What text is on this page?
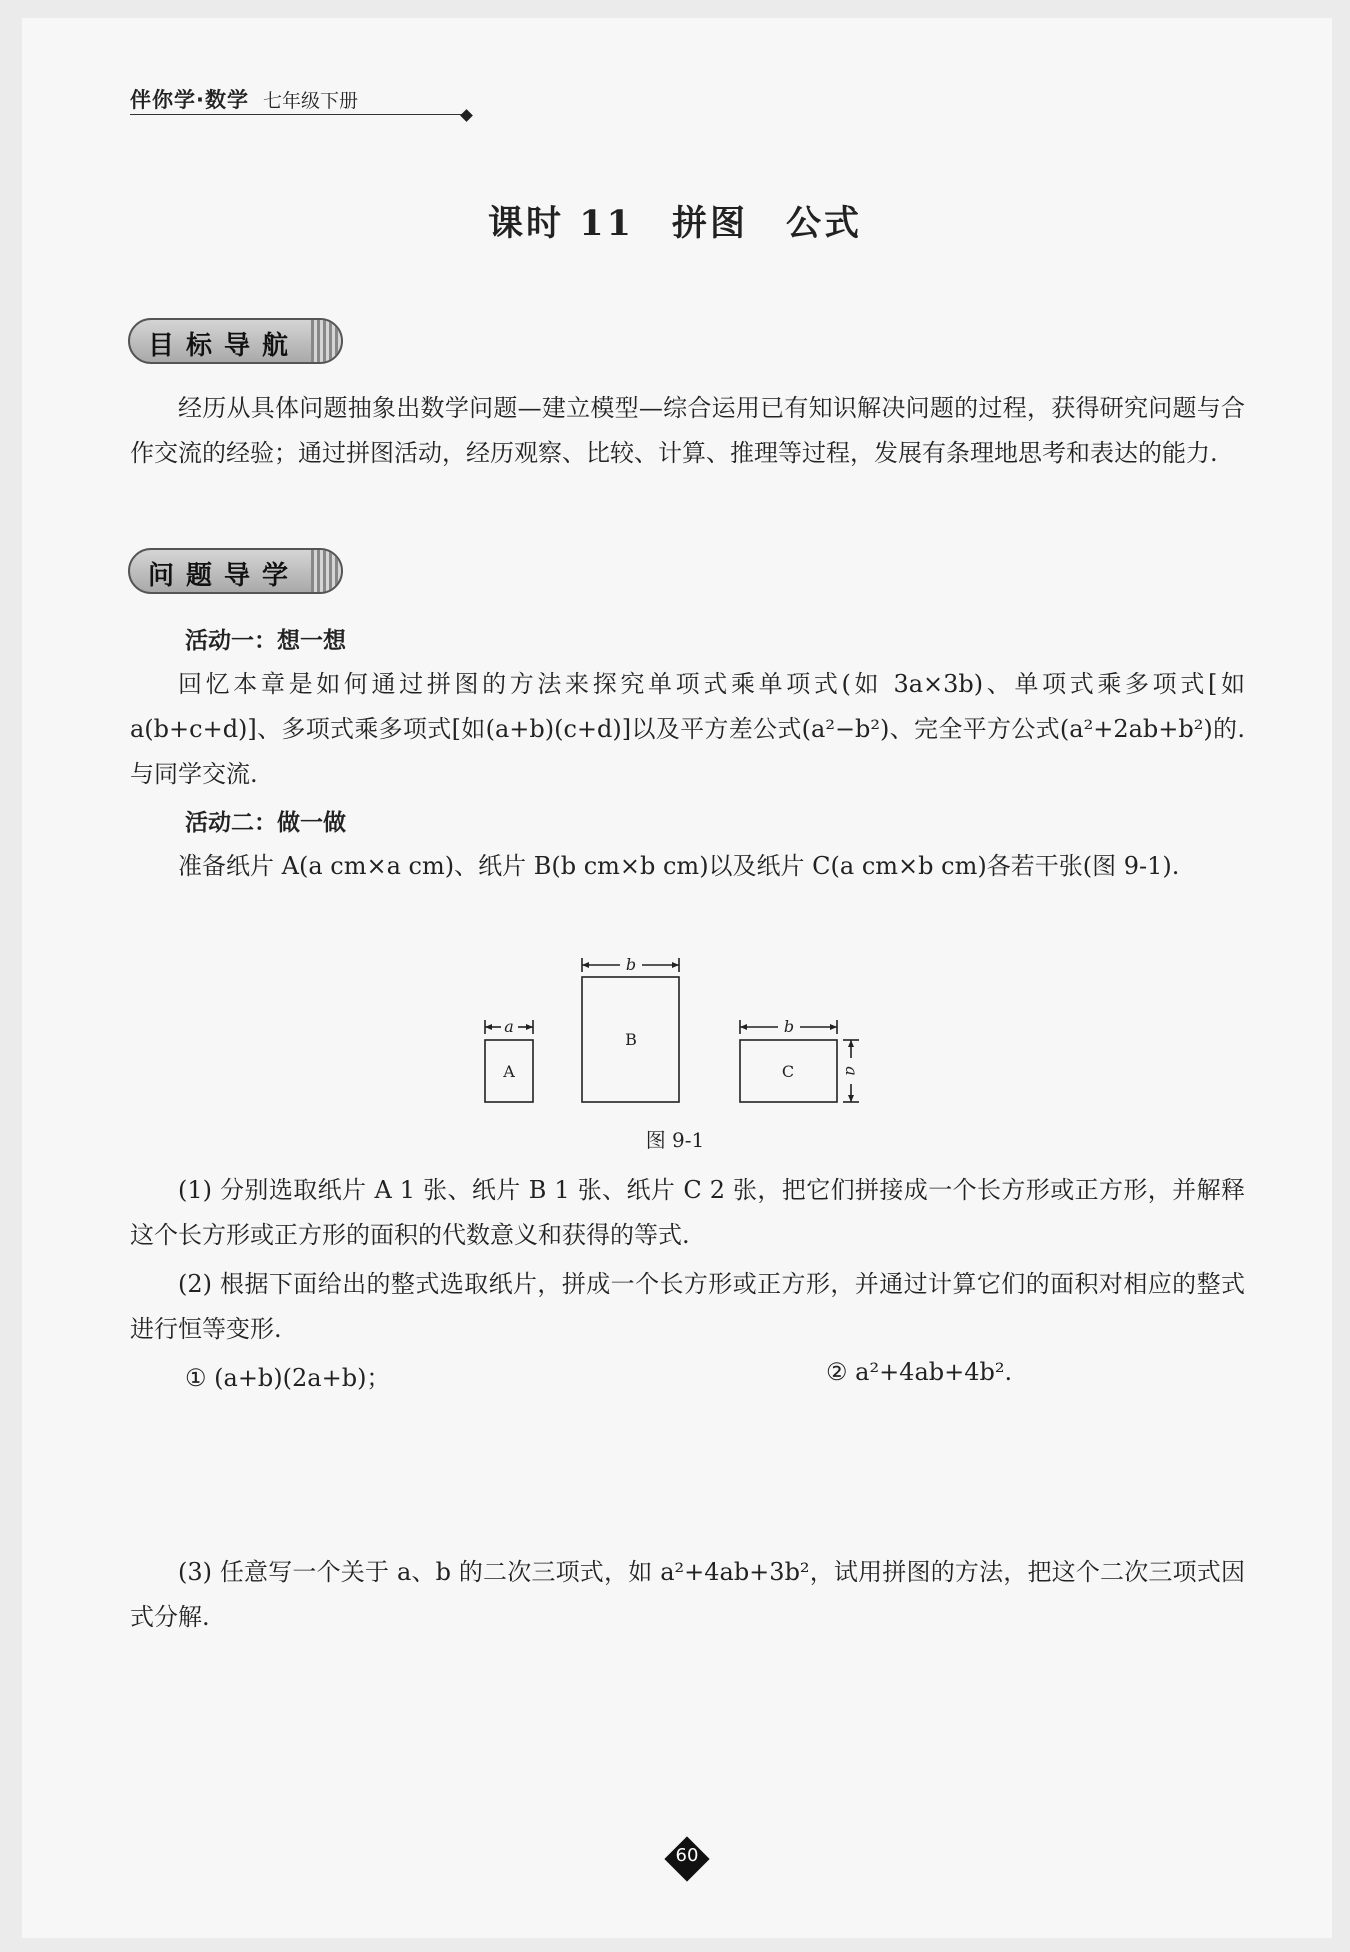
伴你学·数学 七年级下册
课时 11　拼图　公式
目标导航
经历从具体问题抽象出数学问题—建立模型—综合运用已有知识解决问题的过程，获得研究问题与合作交流的经验；通过拼图活动，经历观察、比较、计算、推理等过程，发展有条理地思考和表达的能力.
问题导学
活动一：想一想
回忆本章是如何通过拼图的方法来探究单项式乘单项式(如 3a×3b)、单项式乘多项式[如 a(b+c+d)]、多项式乘多项式[如(a+b)(c+d)]以及平方差公式(a²−b²)、完全平方公式(a²+2ab+b²)的. 与同学交流.
活动二：做一做
准备纸片 A(a cm×a cm)、纸片 B(b cm×b cm)以及纸片 C(a cm×b cm)各若干张(图 9-1).
A
B
C
a
b
b
a
图 9-1
(1) 分别选取纸片 A 1 张、纸片 B 1 张、纸片 C 2 张，把它们拼接成一个长方形或正方形，并解释这个长方形或正方形的面积的代数意义和获得的等式.
(2) 根据下面给出的整式选取纸片，拼成一个长方形或正方形，并通过计算它们的面积对相应的整式进行恒等变形.
① (a+b)(2a+b)；	② a²+4ab+4b².
(3) 任意写一个关于 a、b 的二次三项式，如 a²+4ab+3b²，试用拼图的方法，把这个二次三项式因式分解.
60
